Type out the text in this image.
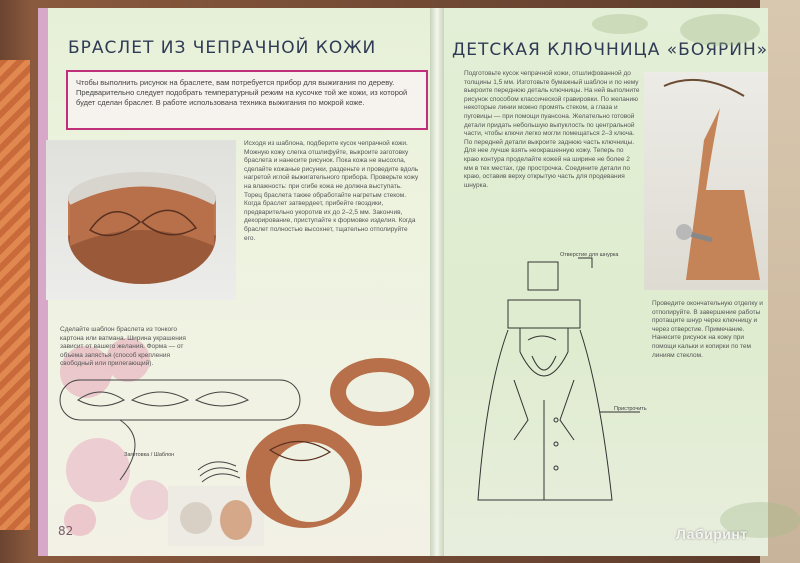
БРАСЛЕТ ИЗ ЧЕПРАЧНОЙ КОЖИ	ДЕТСКАЯ КЛЮЧНИЦА «БОЯРИН»
Чтобы выполнить рисунок на браслете, вам потребуется прибор для выжигания по дереву. Предварительно следует подобрать температурный режим на кусочке той же кожи, из которой будет сделан браслет. В работе использована техника выжигания по мокрой коже.
Исходя из шаблона, подберите кусок чепрачной кожи. Можную кожу слегка отшлифуйте, выкроите заготовку браслета и нанесите рисунок. Пока кожа не высохла, сделайте кожаные рисунки, разденьте и проведите вдоль нагретой иглой выжигательного прибора. Проверьте кожу на влажность: при сгибе кожа не должна выступать. Торец браслета также обработайте нагретым стеком. Когда браслет затвердеет, прибейте гвоздики, предварительно укоротив их до 2–2,5 мм. Закончив, декорирование, приступайте к формовке изделия. Когда браслет полностью высохнет, тщательно отполируйте его.
Сделайте шаблон браслета из тонкого картона или ватмана. Ширина украшения зависит от вашего желания. Форма — от объема запястья (способ крепления свободный или прилегающий).
Подготовьте кусок чепрачной кожи, отшлифованной до толщины 1,5 мм. Изготовьте бумажный шаблон и по нему выкроите переднюю деталь ключницы. На ней выполните рисунок способом классической гравировки. По желанию некоторые линии можно промять стеком, а глаза и пуговицы — при помощи пуансона. Желательно готовой детали придать небольшую выпуклость по центральной части, чтобы ключи легко могли помещаться 2–3 ключа. По передней детали выкроите заднюю часть ключницы. Для нее лучше взять неокрашенную кожу. Теперь по краю контура проделайте кожей на ширине не более 2 мм в тех местах, где прострочка. Соедините детали по краю, оставив верху открытую часть для продевания шнурка.
Проведите окончательную отделку и отполируйте. В завершение работы протащите шнур через ключницу и через отверстие. Примечание. Нанесите рисунок на кожу при помощи кальки и копирки по тем линиям стеклом.
Отверстие для шнурка
Пристрочить
Заготовка / Шаблон
82	Лабиринт
